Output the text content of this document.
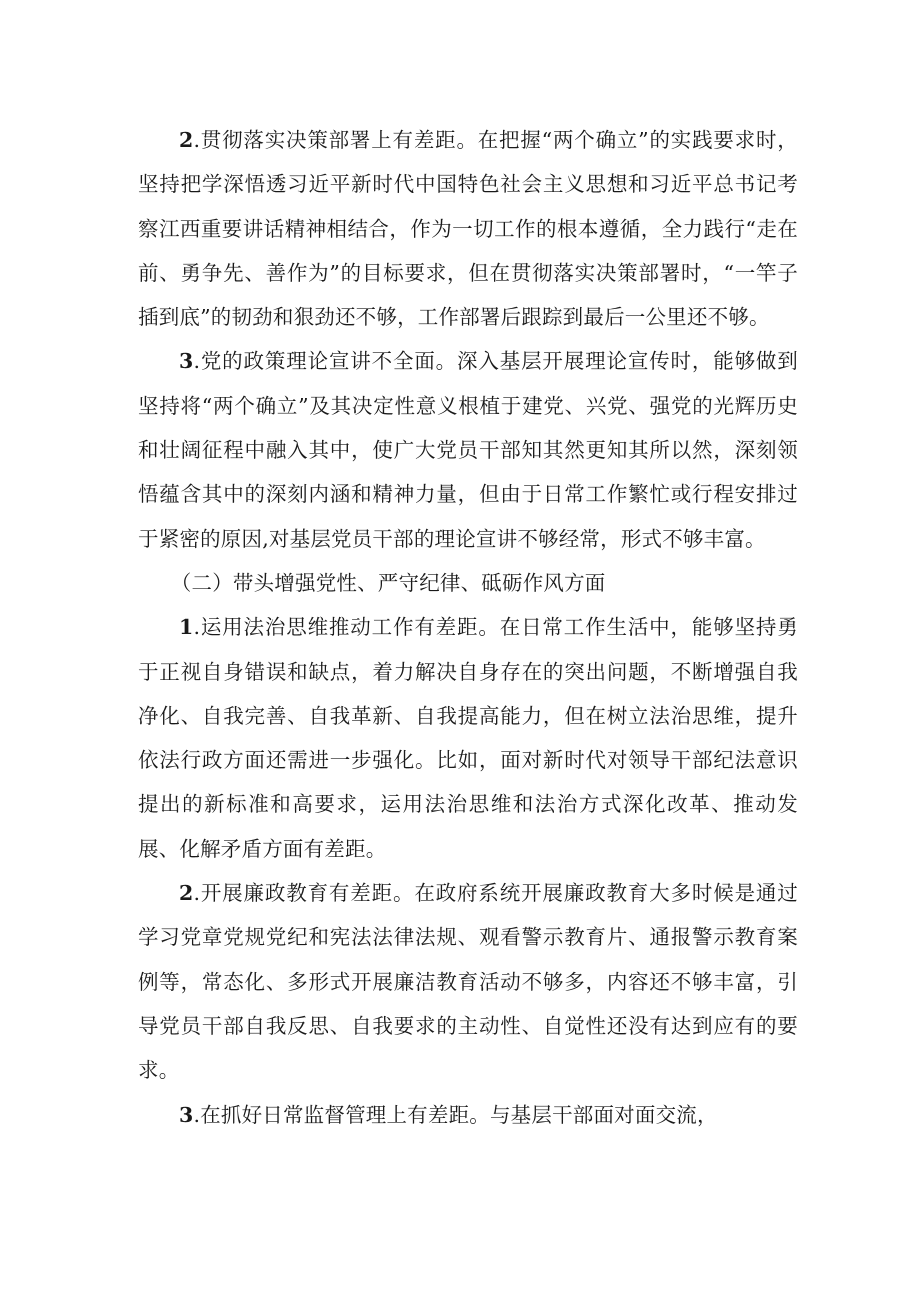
2.贯彻落实决策部署上有差距。在把握“两个确立”的实践要求时，坚持把学深悟透习近平新时代中国特色社会主义思想和习近平总书记考察江西重要讲话精神相结合，作为一切工作的根本遵循，全力践行“走在前、勇争先、善作为”的目标要求，但在贯彻落实决策部署时，“一竿子插到底”的韧劲和狠劲还不够，工作部署后跟踪到最后一公里还不够。

3.党的政策理论宣讲不全面。深入基层开展理论宣传时，能够做到坚持将“两个确立”及其决定性意义根植于建党、兴党、强党的光辉历史和壮阔征程中融入其中，使广大党员干部知其然更知其所以然，深刻领悟蕴含其中的深刻内涵和精神力量，但由于日常工作繁忙或行程安排过于紧密的原因,对基层党员干部的理论宣讲不够经常，形式不够丰富。

（二）带头增强党性、严守纪律、砥砺作风方面

1.运用法治思维推动工作有差距。在日常工作生活中，能够坚持勇于正视自身错误和缺点，着力解决自身存在的突出问题，不断增强自我净化、自我完善、自我革新、自我提高能力，但在树立法治思维，提升依法行政方面还需进一步强化。比如，面对新时代对领导干部纪法意识提出的新标准和高要求，运用法治思维和法治方式深化改革、推动发展、化解矛盾方面有差距。

2.开展廉政教育有差距。在政府系统开展廉政教育大多时候是通过学习党章党规党纪和宪法法律法规、观看警示教育片、通报警示教育案例等，常态化、多形式开展廉洁教育活动不够多，内容还不够丰富，引导党员干部自我反思、自我要求的主动性、自觉性还没有达到应有的要求。

3.在抓好日常监督管理上有差距。与基层干部面对面交流，
